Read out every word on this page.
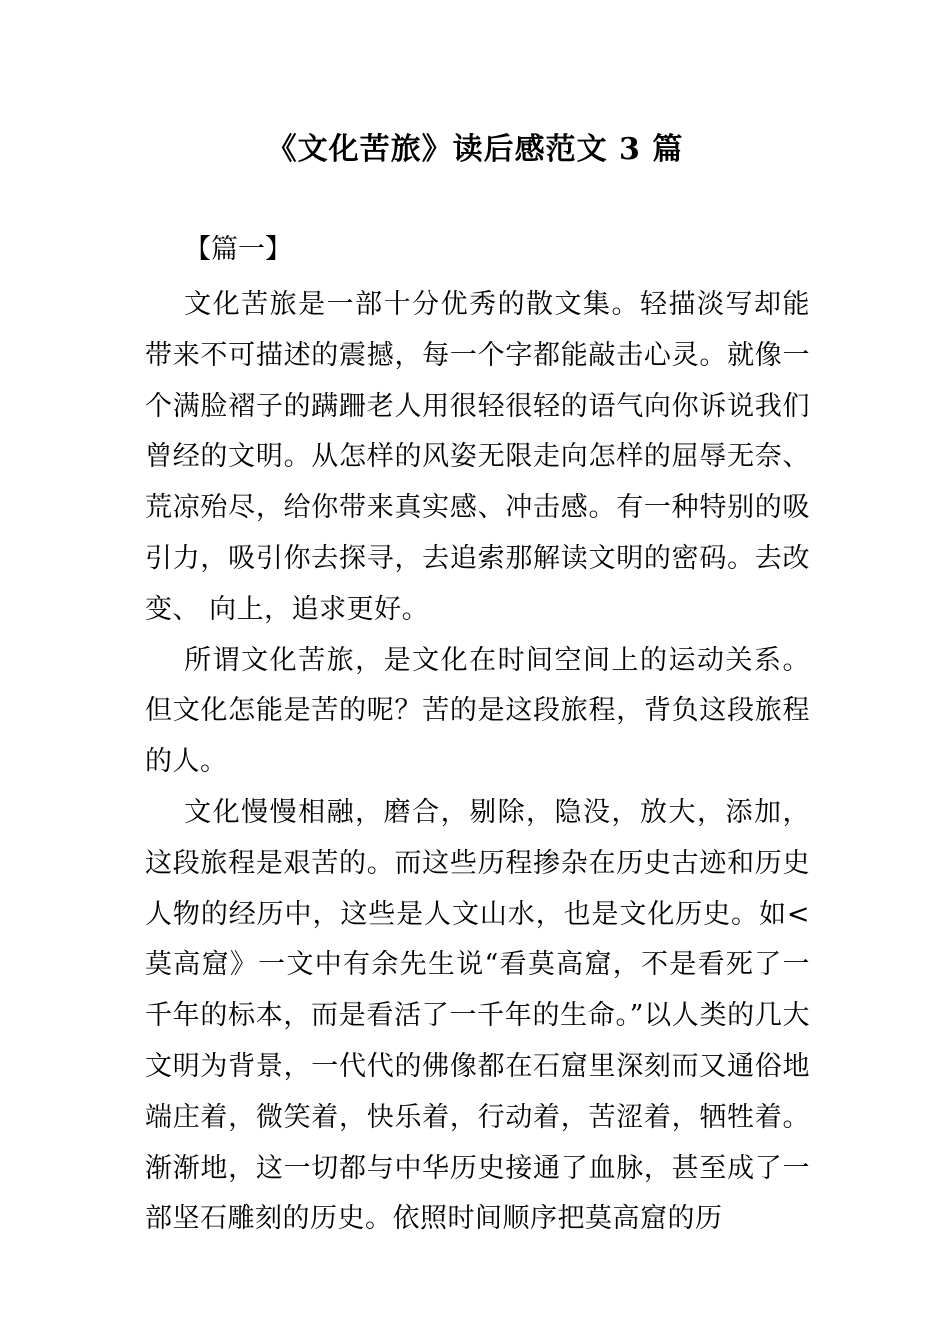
《文化苦旅》读后感范文 3 篇

【篇一】

文化苦旅是一部十分优秀的散文集。轻描淡写却能带来不可描述的震撼，每一个字都能敲击心灵。就像一个满脸褶子的蹒跚老人用很轻很轻的语气向你诉说我们曾经的文明。从怎样的风姿无限走向怎样的屈辱无奈、荒凉殆尽，给你带来真实感、冲击感。有一种特别的吸引力，吸引你去探寻，去追索那解读文明的密码。去改变、 向上，追求更好。

所谓文化苦旅，是文化在时间空间上的运动关系。但文化怎能是苦的呢？苦的是这段旅程，背负这段旅程的人。

文化慢慢相融，磨合，剔除，隐没，放大，添加，这段旅程是艰苦的。而这些历程掺杂在历史古迹和历史人物的经历中，这些是人文山水，也是文化历史。如<莫高窟》一文中有余先生说“看莫高窟，不是看死了一千年的标本，而是看活了一千年的生命。”以人类的几大文明为背景，一代代的佛像都在石窟里深刻而又通俗地端庄着，微笑着，快乐着，行动着，苦涩着，牺牲着。渐渐地，这一切都与中华历史接通了血脉，甚至成了一部坚石雕刻的历史。依照时间顺序把莫高窟的历
